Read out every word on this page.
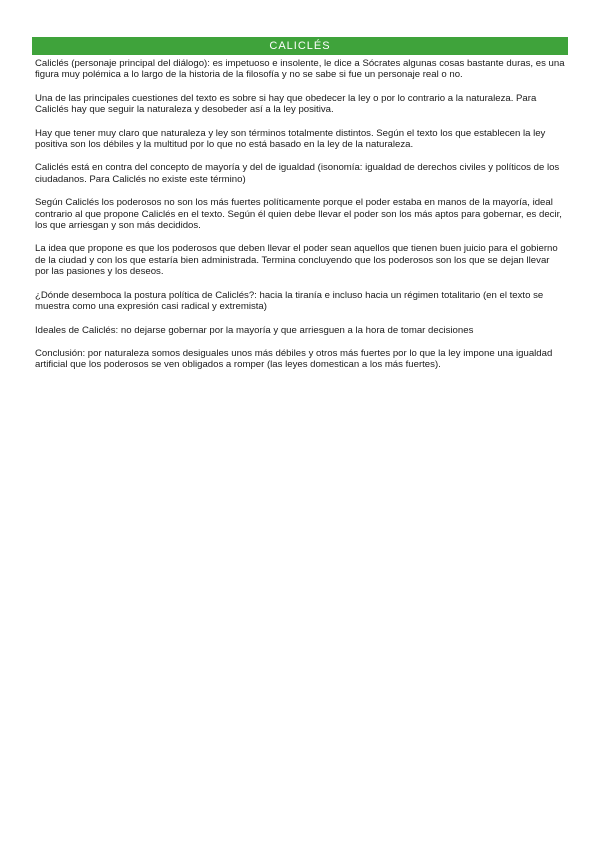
CALICLÉS

Caliclés (personaje principal del diálogo): es impetuoso e insolente, le dice a Sócrates algunas cosas bastante duras, es una figura muy polémica a lo largo de la historia de la filosofía y no se sabe si fue un personaje real o no.

Una de las principales cuestiones del texto es sobre si hay que obedecer la ley o por lo contrario a la naturaleza. Para Caliclés hay que seguir la naturaleza y desobeder así a la ley positiva.

Hay que tener muy claro que naturaleza y ley son términos totalmente distintos. Según el texto los que establecen la ley positiva son los débiles y la multitud por lo que no está basado en la ley de la naturaleza.

Caliclés está en contra del concepto de mayoría y del de igualdad (isonomía: igualdad de derechos civiles y políticos de los ciudadanos. Para Caliclés no existe este término)

Según Caliclés los poderosos no son los más fuertes políticamente porque el poder estaba en manos de la mayoría, ideal contrario al que propone Caliclés en el texto. Según él quien debe llevar el poder son los más aptos para gobernar, es decir, los que arriesgan y son más decididos.

La idea que propone es que los poderosos que deben llevar el poder sean aquellos que tienen buen juicio para el gobierno de la ciudad y con los que estaría bien administrada. Termina concluyendo que los poderosos son los que se dejan llevar por las pasiones y los deseos.

¿Dónde desemboca la postura política de Caliclés?: hacia la tiranía e incluso hacia un régimen totalitario (en el texto se muestra como una expresión casi radical y extremista)

Ideales de Caliclés: no dejarse gobernar por la mayoría y que arriesguen a la hora de tomar decisiones

Conclusión: por naturaleza somos desiguales unos más débiles y otros más fuertes por lo que la ley impone una igualdad artificial que los poderosos se ven obligados a romper (las leyes domestican a los más fuertes).
